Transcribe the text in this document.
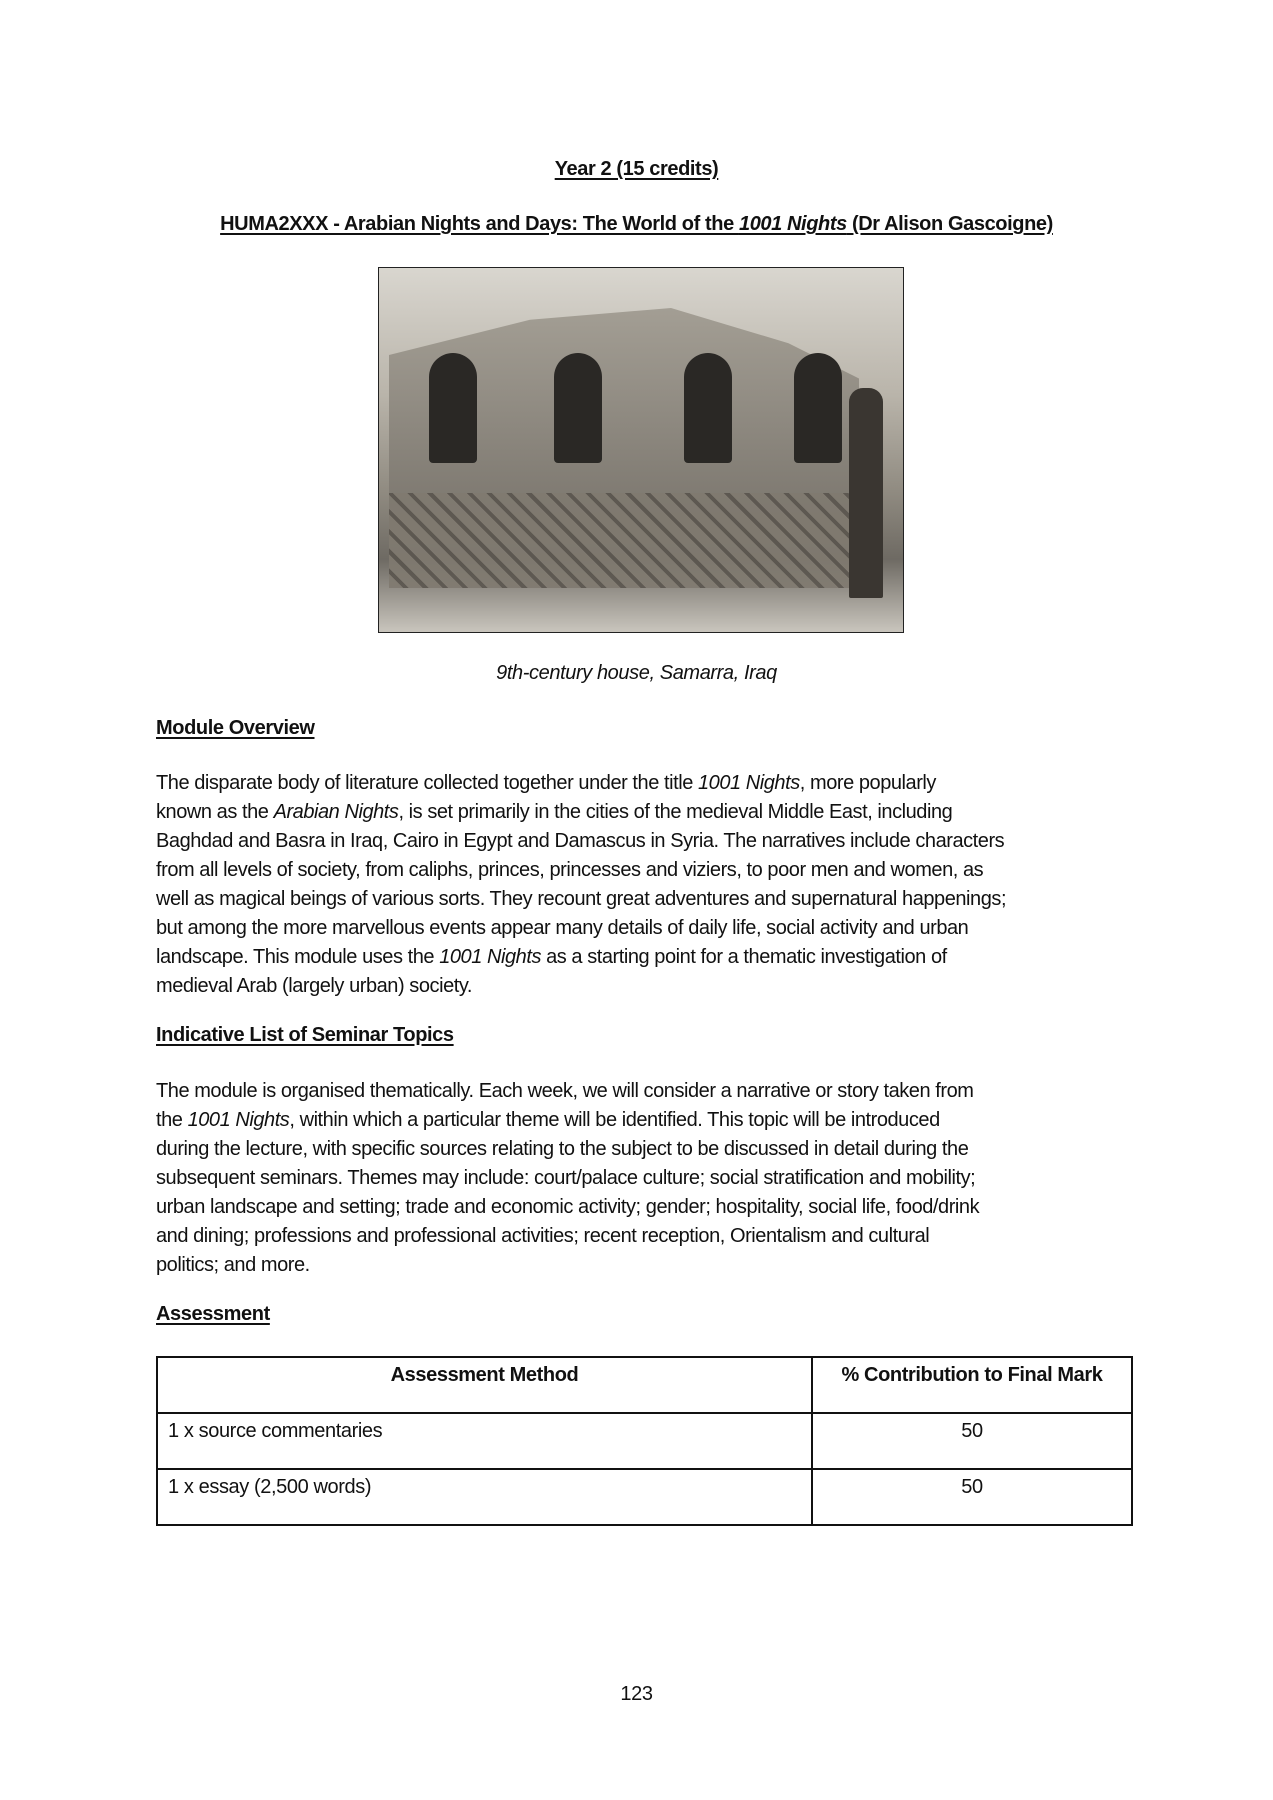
Year 2 (15 credits)
HUMA2XXX - Arabian Nights and Days: The World of the 1001 Nights (Dr Alison Gascoigne)
9th-century house, Samarra, Iraq
Module Overview
The disparate body of literature collected together under the title 1001 Nights, more popularly
known as the Arabian Nights, is set primarily in the cities of the medieval Middle East, including
Baghdad and Basra in Iraq, Cairo in Egypt and Damascus in Syria. The narratives include characters
from all levels of society, from caliphs, princes, princesses and viziers, to poor men and women, as
well as magical beings of various sorts. They recount great adventures and supernatural happenings;
but among the more marvellous events appear many details of daily life, social activity and urban
landscape. This module uses the 1001 Nights as a starting point for a thematic investigation of
medieval Arab (largely urban) society.
Indicative List of Seminar Topics
The module is organised thematically. Each week, we will consider a narrative or story taken from
the 1001 Nights, within which a particular theme will be identified. This topic will be introduced
during the lecture, with specific sources relating to the subject to be discussed in detail during the
subsequent seminars. Themes may include: court/palace culture; social stratification and mobility;
urban landscape and setting; trade and economic activity; gender; hospitality, social life, food/drink
and dining; professions and professional activities; recent reception, Orientalism and cultural
politics; and more.
Assessment
Assessment Method	% Contribution to Final Mark
1 x source commentaries	50
1 x essay (2,500 words)	50
123
